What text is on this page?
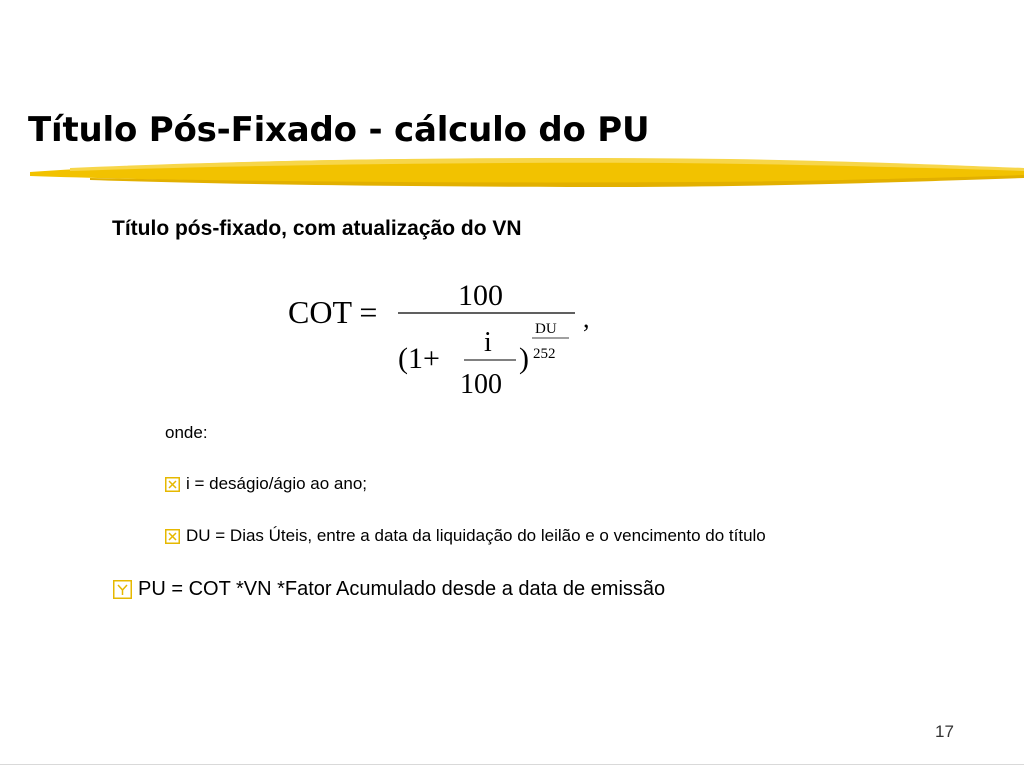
Título Pós-Fixado - cálculo do PU
Título pós-fixado, com atualização do VN
COT =	100
(1+ i
100
)
DU
252
,
onde:
i = deságio/ágio ao ano;
DU = Dias Úteis, entre a data da liquidação do leilão e o vencimento do título
PU = COT *VN *Fator Acumulado desde a data de emissão
17
